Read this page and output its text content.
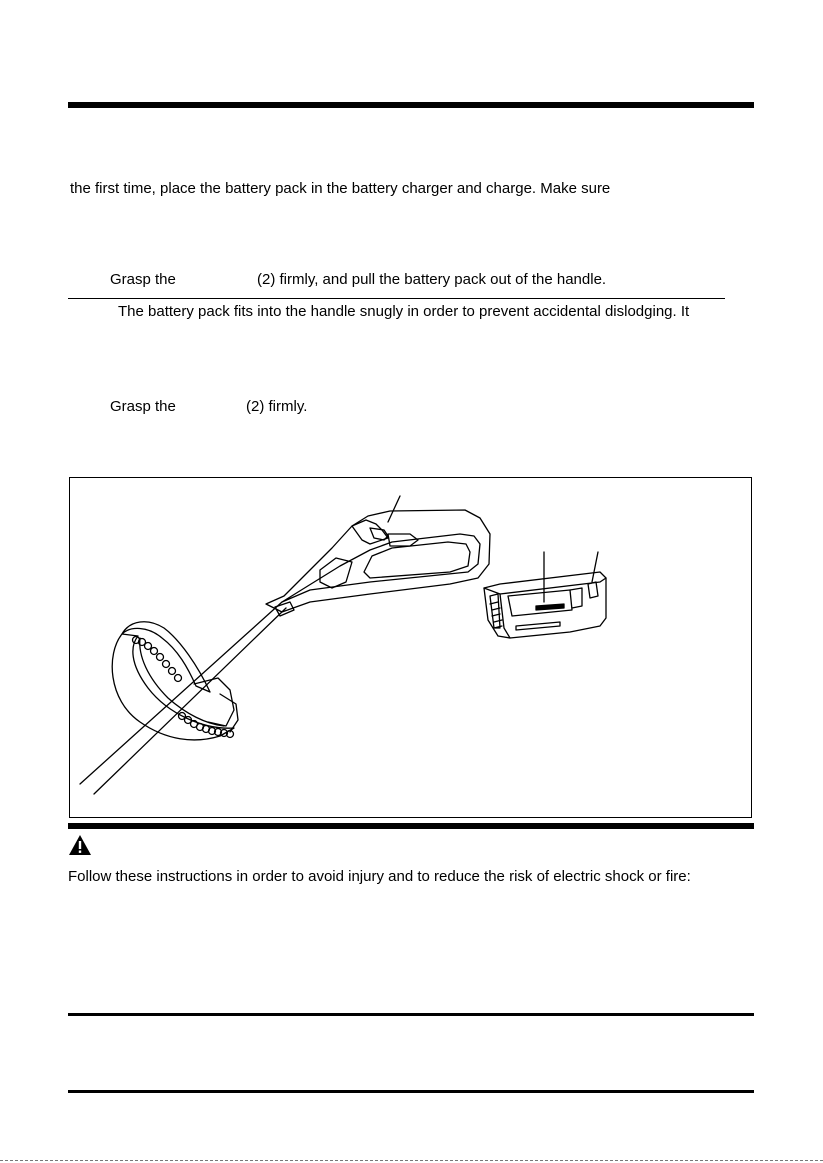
the first time, place the battery pack in the battery charger and charge. Make sure
Grasp the	(2) firmly, and pull the battery pack out of the handle.
The battery pack fits into the handle snugly in order to prevent accidental dislodging. It
Grasp the	(2) firmly.
Follow these instructions in order to avoid injury and to reduce the risk of electric shock or fire:
